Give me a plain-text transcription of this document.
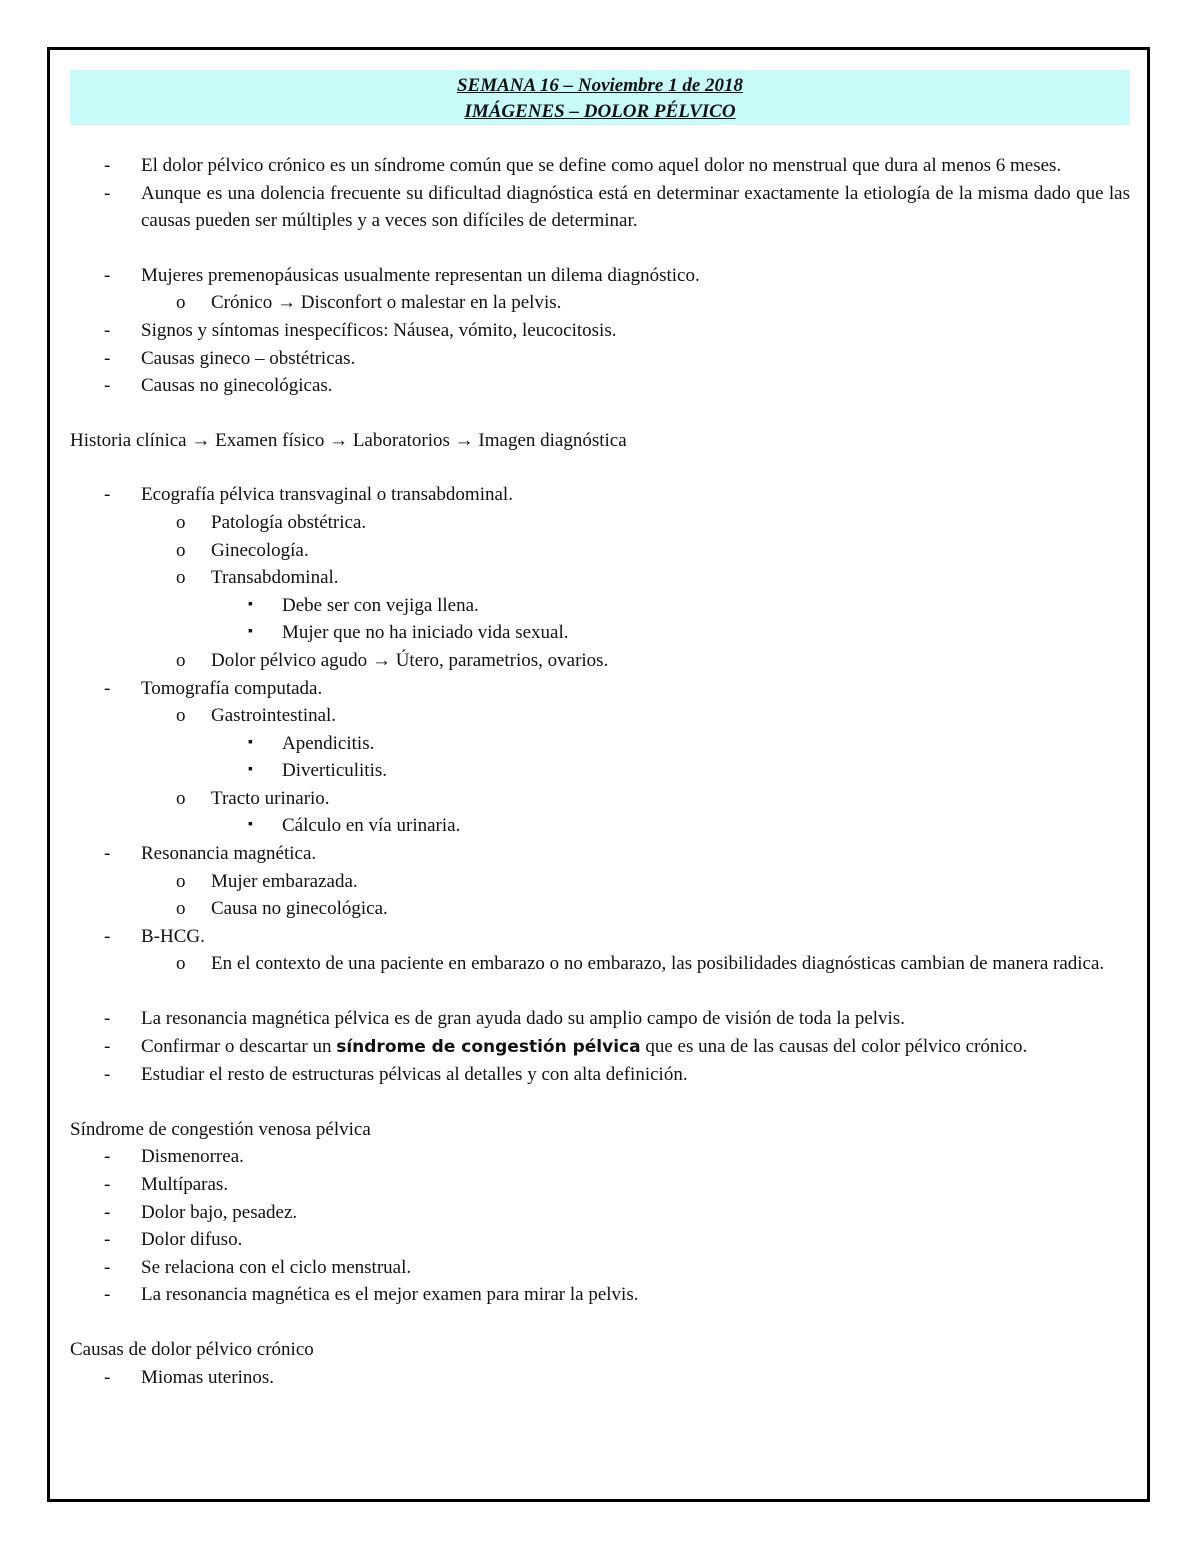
SEMANA 16 – Noviembre 1 de 2018
IMÁGENES – DOLOR PÉLVICO
- El dolor pélvico crónico es un síndrome común que se define como aquel dolor no menstrual que dura al menos 6 meses.
- Aunque es una dolencia frecuente su dificultad diagnóstica está en determinar exactamente la etiología de la misma dado que las causas pueden ser múltiples y a veces son difíciles de determinar.
- Mujeres premenopáusicas usualmente representan un dilema diagnóstico.
o Crónico → Disconfort o malestar en la pelvis.
- Signos y síntomas inespecíficos: Náusea, vómito, leucocitosis.
- Causas gineco – obstétricas.
- Causas no ginecológicas.
Historia clínica → Examen físico → Laboratorios → Imagen diagnóstica
- Ecografía pélvica transvaginal o transabdominal.
o Patología obstétrica.
o Ginecología.
o Transabdominal.
▪ Debe ser con vejiga llena.
▪ Mujer que no ha iniciado vida sexual.
o Dolor pélvico agudo → Útero, parametrios, ovarios.
- Tomografía computada.
o Gastrointestinal.
▪ Apendicitis.
▪ Diverticulitis.
o Tracto urinario.
▪ Cálculo en vía urinaria.
- Resonancia magnética.
o Mujer embarazada.
o Causa no ginecológica.
- B-HCG.
o En el contexto de una paciente en embarazo o no embarazo, las posibilidades diagnósticas cambian de manera radica.
- La resonancia magnética pélvica es de gran ayuda dado su amplio campo de visión de toda la pelvis.
- Confirmar o descartar un síndrome de congestión pélvica que es una de las causas del color pélvico crónico.
- Estudiar el resto de estructuras pélvicas al detalles y con alta definición.
Síndrome de congestión venosa pélvica
- Dismenorrea.
- Multíparas.
- Dolor bajo, pesadez.
- Dolor difuso.
- Se relaciona con el ciclo menstrual.
- La resonancia magnética es el mejor examen para mirar la pelvis.
Causas de dolor pélvico crónico
- Miomas uterinos.
